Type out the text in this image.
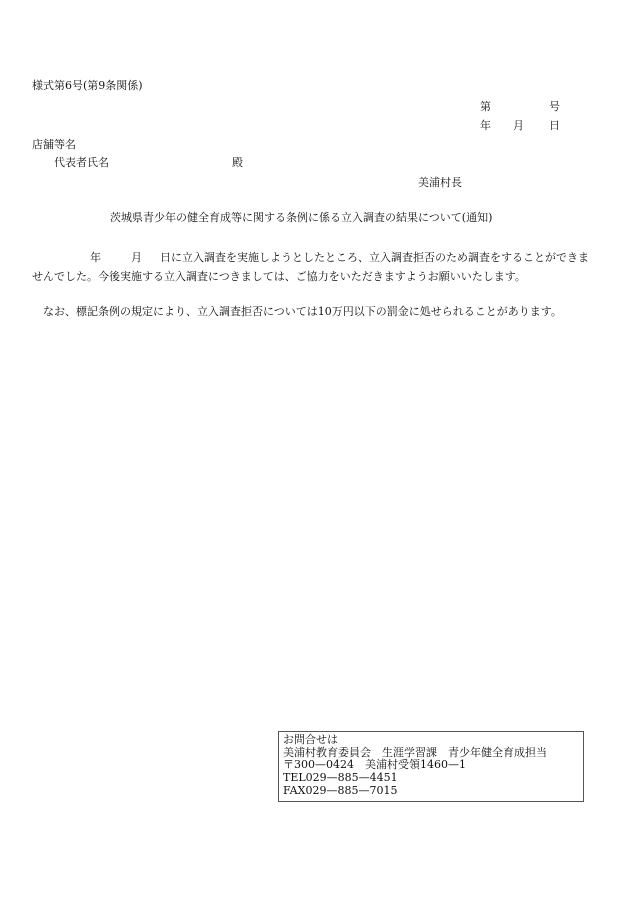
様式第6号(第9条関係)
第	号
年 月 日
店舗等名
代表者氏名	殿
美浦村長
茨城県青少年の健全育成等に関する条例に係る立入調査の結果について(通知)
年	月 日に立入調査を実施しようとしたところ、立入調査拒否のため調査をすることができませんでした。今後実施する立入調査につきましては、ご協力をいただきますようお願いいたします。
なお、標記条例の規定により、立入調査拒否については10万円以下の罰金に処せられることがあります。
お問合せは
美浦村教育委員会　生涯学習課　青少年健全育成担当
〒300—0424　美浦村受領1460—1
TEL029—885—4451
FAX029—885—7015
